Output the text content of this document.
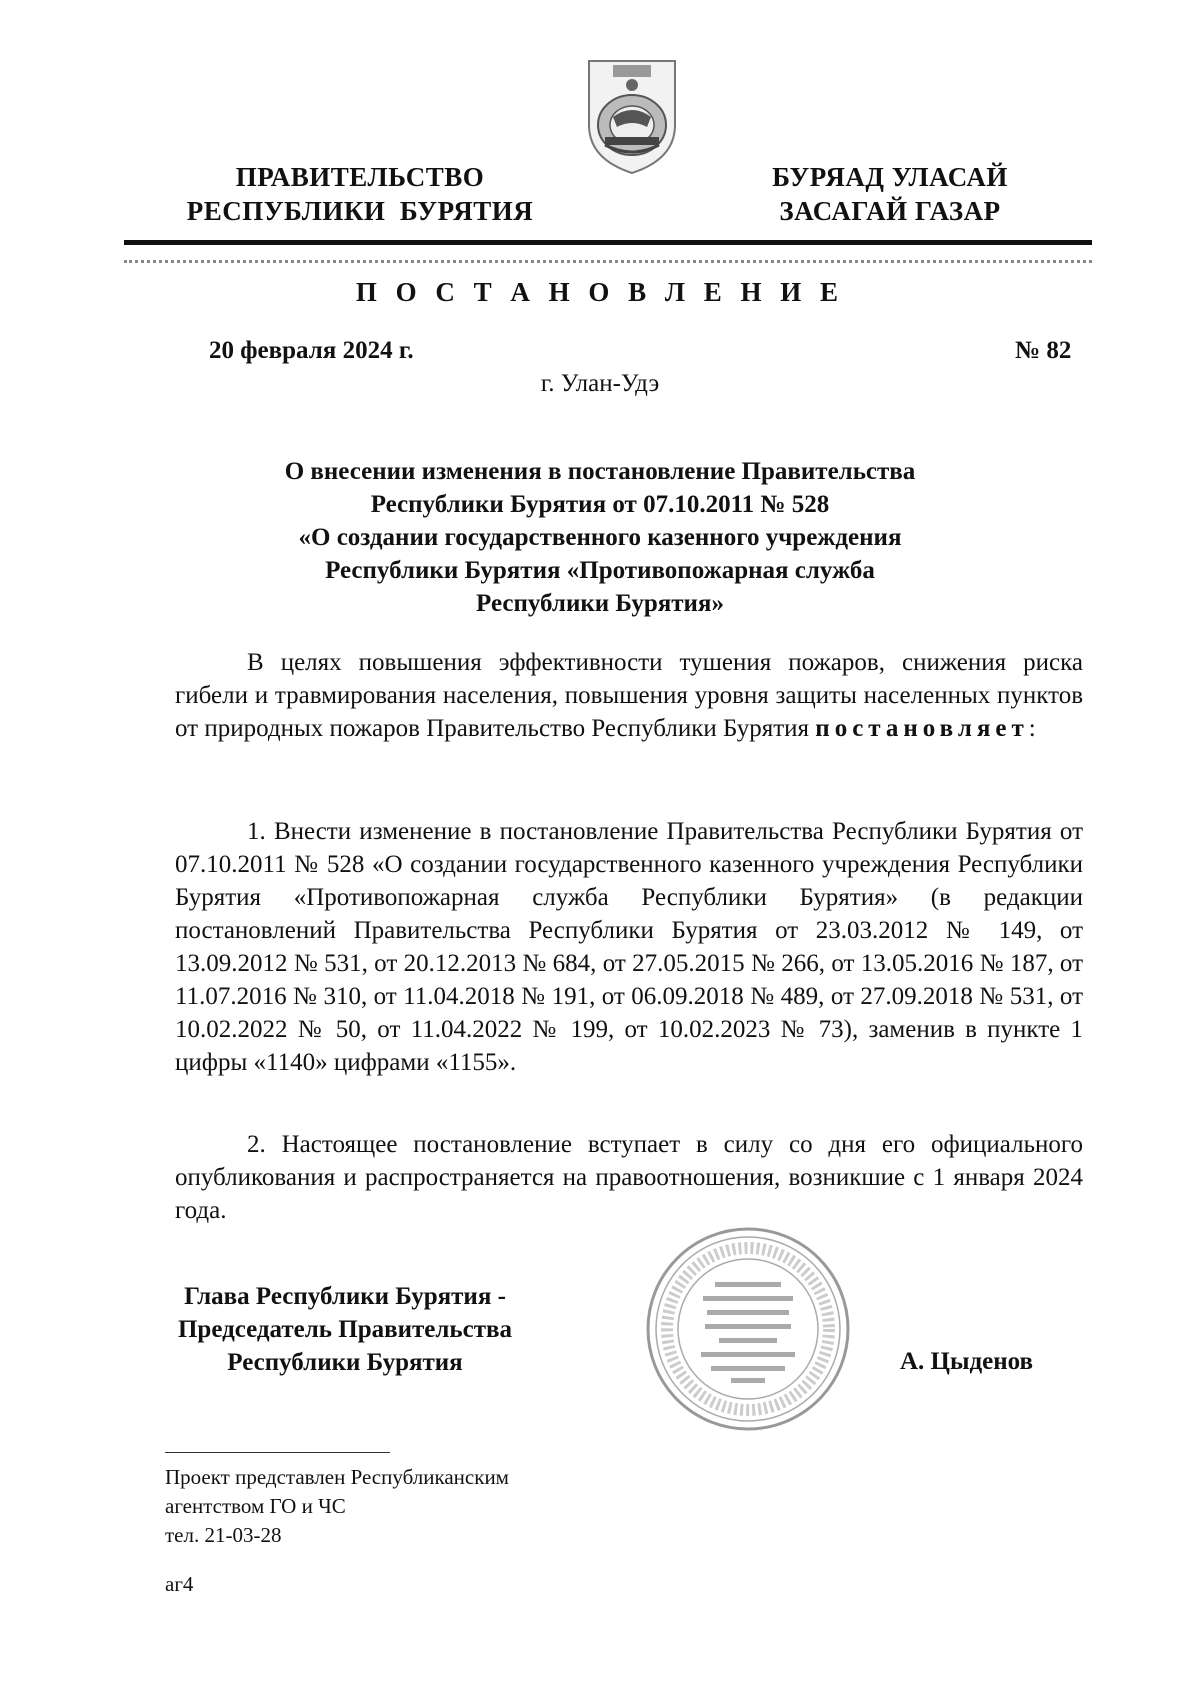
ПРАВИТЕЛЬСТВО
РЕСПУБЛИКИ  БУРЯТИЯ
БУРЯАД УЛАСАЙ
ЗАСАГАЙ ГАЗАР
П О С Т А Н О В Л Е Н И Е
20 февраля 2024 г.	№ 82
г. Улан-Удэ
О внесении изменения в постановление Правительства
Республики Бурятия от 07.10.2011 № 528
«О создании государственного казенного учреждения
Республики Бурятия «Противопожарная служба
Республики Бурятия»
В целях повышения эффективности тушения пожаров, снижения риска гибели и травмирования населения, повышения уровня защиты населенных пунктов от природных пожаров Правительство Республики Бурятия постановляет:
1. Внести изменение в постановление Правительства Республики Бурятия от 07.10.2011 № 528 «О создании государственного казенного учреждения Республики Бурятия «Противопожарная служба Республики Бурятия» (в редакции постановлений Правительства Республики Бурятия от 23.03.2012 № 149, от 13.09.2012 № 531, от 20.12.2013 № 684, от 27.05.2015 № 266, от 13.05.2016 № 187, от 11.07.2016 № 310, от 11.04.2018 № 191, от 06.09.2018 № 489, от 27.09.2018 № 531, от 10.02.2022 № 50, от 11.04.2022 № 199, от 10.02.2023 № 73), заменив в пункте 1 цифры «1140» цифрами «1155».
2. Настоящее постановление вступает в силу со дня его официального опубликования и распространяется на правоотношения, возникшие с 1 января 2024 года.
Глава Республики Бурятия -
Председатель Правительства
Республики Бурятия	А. Цыденов
Проект представлен Республиканским
агентством ГО и ЧС
тел. 21-03-28
аг4
